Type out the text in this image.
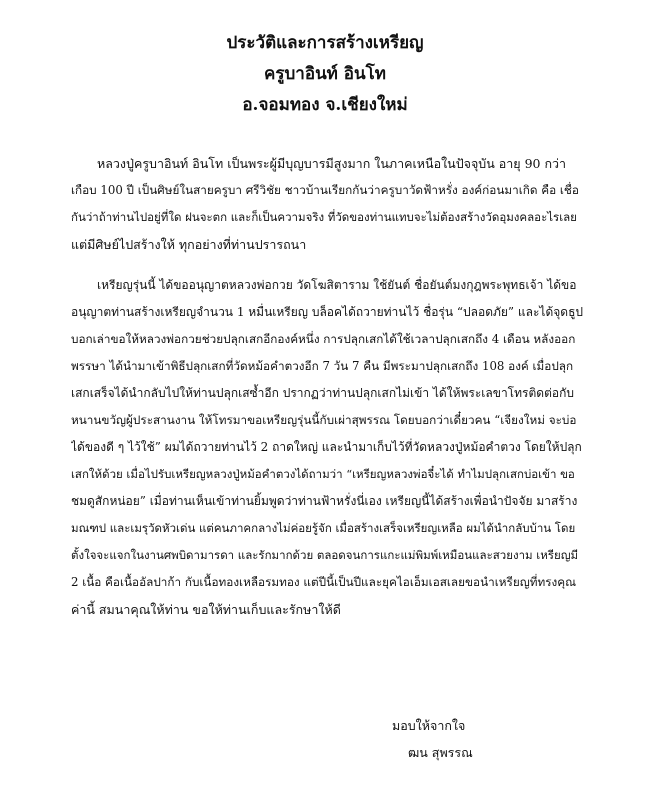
ประวัติและการสร้างเหรียญ
ครูบาอินท์ อินโท
อ.จอมทอง จ.เชียงใหม่
หลวงปู่ครูบาอินท์ อินโท เป็นพระผู้มีบุญบารมีสูงมาก ในภาคเหนือในปัจจุบัน อายุ 90 กว่า
เกือบ 100 ปี เป็นศิษย์ในสายครูบา ศรีวิชัย ชาวบ้านเรียกกันว่าครูบาวัดฟ้าหรั่ง องค์ก่อนมาเกิด คือ เชื่อ
กันว่าถ้าท่านไปอยู่ที่ใด ฝนจะตก และก็เป็นความจริง ที่วัดของท่านแทบจะไม่ต้องสร้างวัดอุมงคลอะไรเลย
แต่มีศิษย์ไปสร้างให้ ทุกอย่างที่ท่านปรารถนา
เหรียญรุ่นนี้ ได้ขออนุญาตหลวงพ่อกวย วัดโฆสิตาราม ใช้ยันต์ ชื่อยันต์มงกุฎพระพุทธเจ้า ได้ขอ
อนุญาตท่านสร้างเหรียญจำนวน 1 หมื่นเหรียญ บล็อคได้ถวายท่านไว้ ชื่อรุ่น “ปลอดภัย” และได้จุดธูป
บอกเล่าขอให้หลวงพ่อกวยช่วยปลุกเสกอีกองค์หนึ่ง การปลุกเสกได้ใช้เวลาปลุกเสกถึง 4 เดือน หลังออก
พรรษา ได้นำมาเข้าพิธีปลุกเสกที่วัดหม้อคำตวงอีก 7 วัน 7 คืน มีพระมาปลุกเสกถึง 108 องค์ เมื่อปลุก
เสกเสร็จได้นำกลับไปให้ท่านปลุกเสซ้ำอีก ปรากฏว่าท่านปลุกเสกไม่เข้า ได้ให้พระเลขาโทรติดต่อกับ
หนานขวัญผู้ประสานงาน ให้โทรมาขอเหรียญรุ่นนี้กับเผ่าสุพรรณ โดยบอกว่าเดี๋ยวคน “เจียงใหม่ จะบ่อ
ได้ของดี ๆ ไว้ใช้” ผมได้ถวายท่านไว้ 2 ถาดใหญ่ และนำมาเก็บไว้ที่วัดหลวงปู่หม้อคำตวง โดยให้ปลุก
เสกให้ด้วย เมื่อไปรับเหรียญหลวงปู่หม้อคำตวงได้ถามว่า “เหรียญหลวงพ่อจี๋ะได้ ทำไมปลุกเสกบ่อเข้า ขอ
ชมดูสักหน่อย” เมื่อท่านเห็นเข้าท่านยิ้มพูดว่าท่านฟ้าหรั่งนี่เอง เหรียญนี้ได้สร้างเพื่อนำปัจจัย มาสร้าง
มณฑป และเมรุวัดหัวเด่น แต่คนภาคกลางไม่ค่อยรู้จัก เมื่อสร้างเสร็จเหรียญเหลือ ผมได้นำกลับบ้าน โดย
ตั้งใจจะแจกในงานศพบิดามารดา และรักมากด้วย ตลอดจนการแกะแม่พิมพ์เหมือนและสวยงาม เหรียญมี
2 เนื้อ คือเนื้ออัลปาก้า กับเนื้อทองเหลือรมทอง แต่ปีนี้เป็นปีและยุคไอเอ็มเอสเลยขอนำเหรียญที่ทรงคุณ
ค่านี้ สมนาคุณให้ท่าน ขอให้ท่านเก็บและรักษาให้ดี
มอบให้จากใจ
ฒน สุพรรณ
